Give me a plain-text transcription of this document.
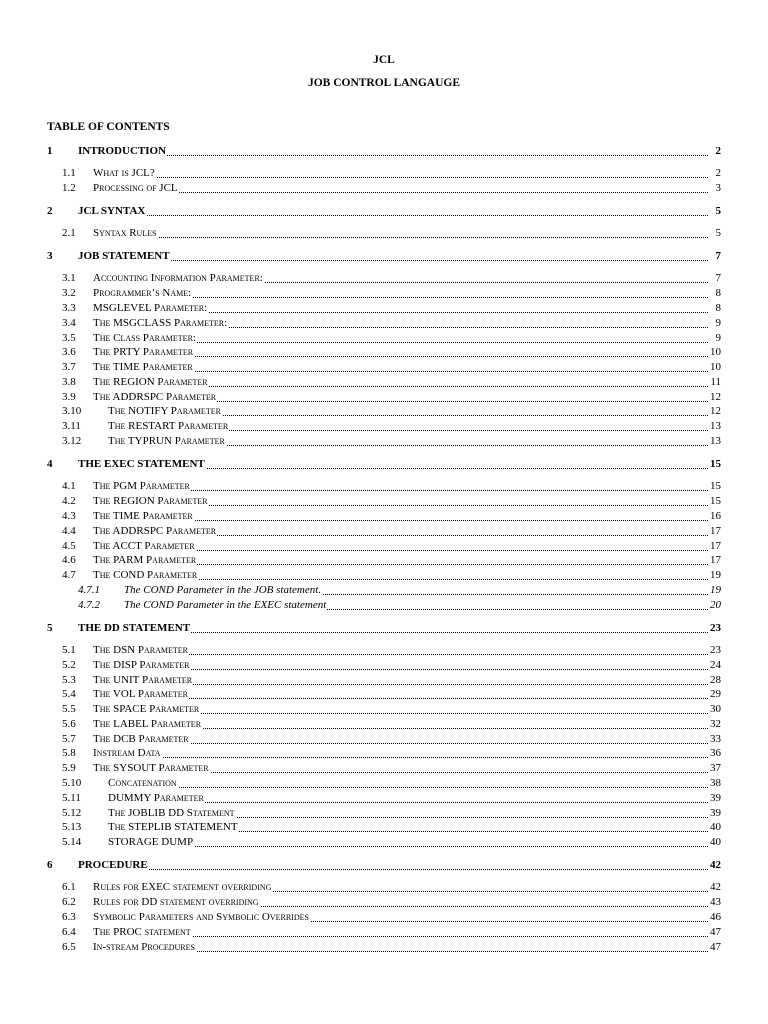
JCL
JOB CONTROL LANGAUGE
TABLE OF CONTENTS
1 INTRODUCTION	2
1.1 What is JCL?	2
1.2 Processing of JCL	3
2 JCL SYNTAX	5
2.1 Syntax Rules	5
3 JOB STATEMENT	7
3.1 Accounting Information Parameter:	7
3.2 Programmer’s Name:	8
3.3 MSGLEVEL Parameter:	8
3.4 The MSGCLASS Parameter:	9
3.5 The Class Parameter:	9
3.6 The PRTY Parameter	10
3.7 The TIME Parameter	10
3.8 The REGION Parameter	11
3.9 The ADDRSPC Parameter	12
3.10 The NOTIFY Parameter	12
3.11 The RESTART Parameter	13
3.12 The TYPRUN Parameter	13
4 THE EXEC STATEMENT	15
4.1 The PGM Parameter	15
4.2 The REGION Parameter	15
4.3 The TIME Parameter	16
4.4 The ADDRSPC Parameter	17
4.5 The ACCT Parameter	17
4.6 The PARM Parameter	17
4.7 The COND Parameter	19
4.7.1 The COND Parameter in the JOB statement.	19
4.7.2 The COND Parameter in the EXEC statement	20
5 THE DD STATEMENT	23
5.1 The DSN Parameter	23
5.2 The DISP Parameter	24
5.3 The UNIT Parameter	28
5.4 The VOL Parameter	29
5.5 The SPACE Parameter	30
5.6 The LABEL Parameter	32
5.7 The DCB Parameter	33
5.8 Instream Data	36
5.9 The SYSOUT Parameter	37
5.10 Concatenation	38
5.11 DUMMY Parameter	39
5.12 The JOBLIB DD Statement	39
5.13 The STEPLIB STATEMENT	40
5.14 STORAGE DUMP	40
6 PROCEDURE	42
6.1 Rules for EXEC statement overriding	42
6.2 Rules for DD statement overriding	43
6.3 Symbolic Parameters and Symbolic Overrides	46
6.4 The PROC statement	47
6.5 In-stream Procedures	47
